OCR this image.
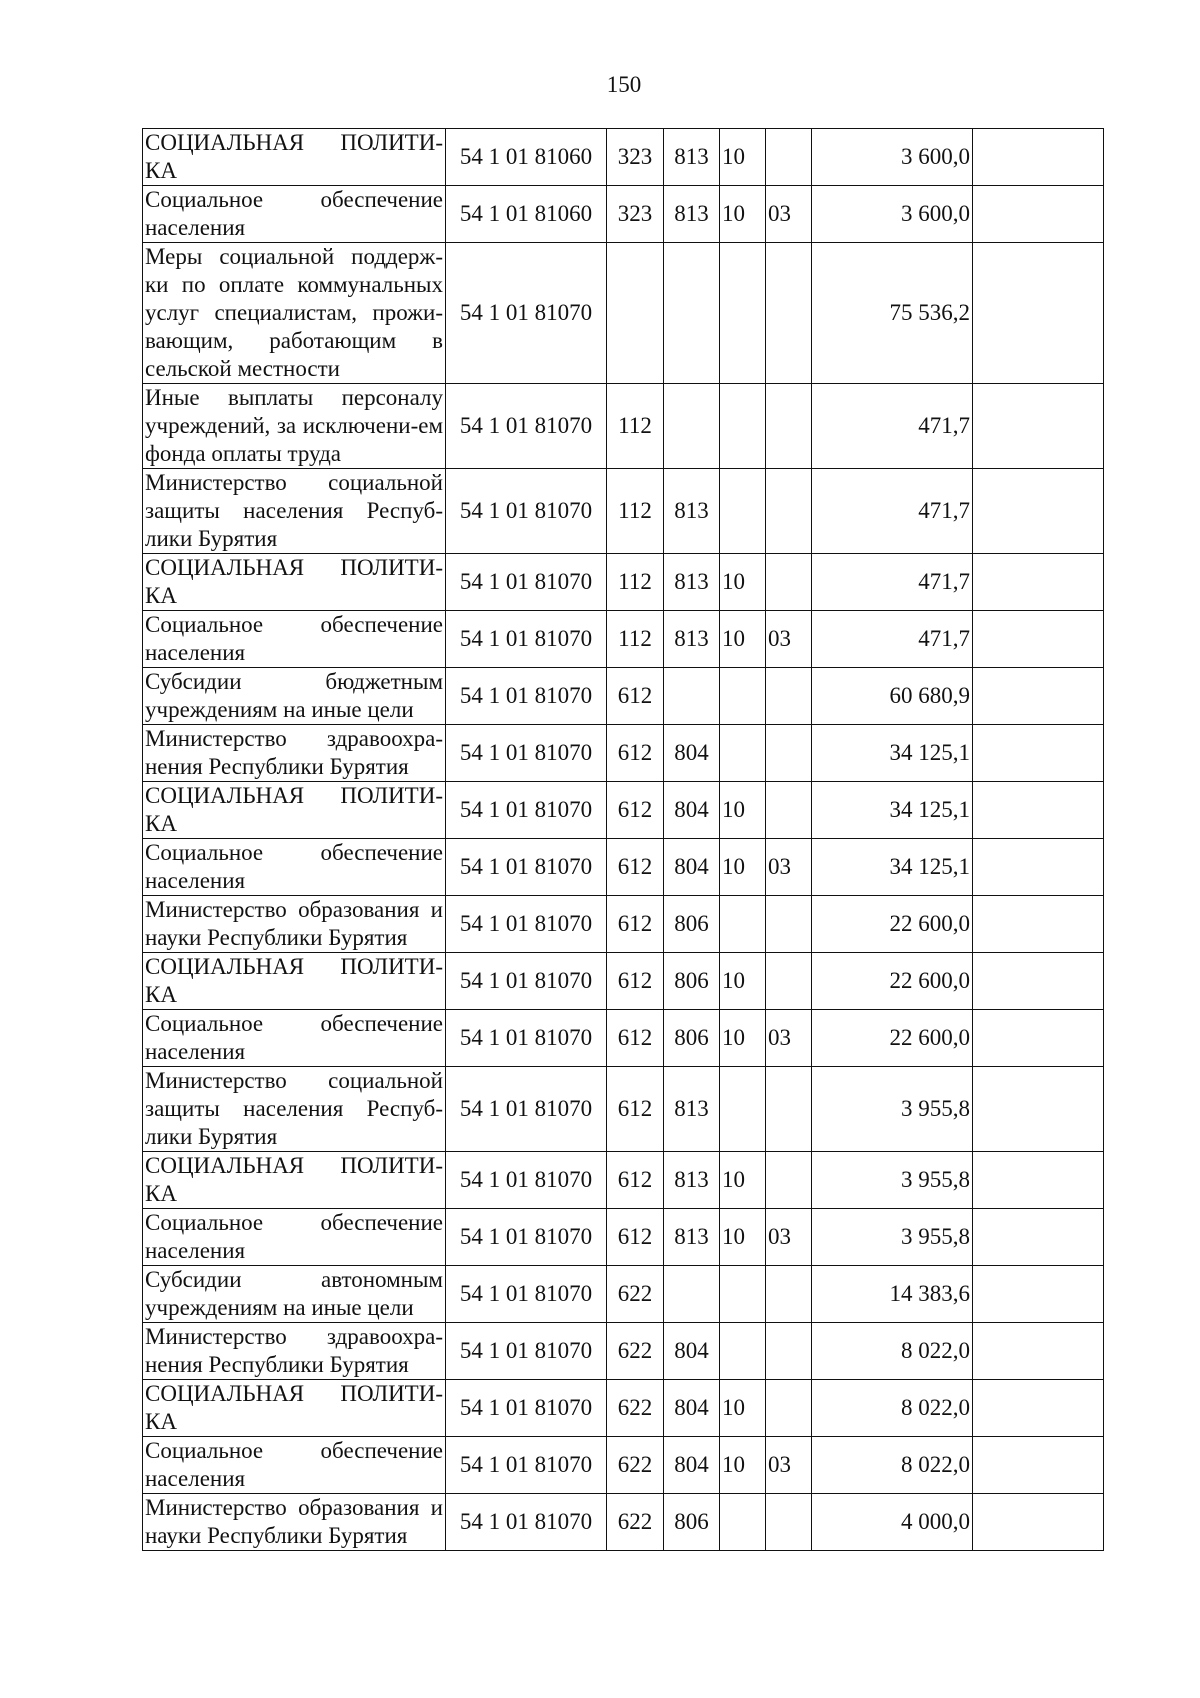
150
СОЦИАЛЬНАЯ ПОЛИТИ-КА	54 1 01 81060	323	813	10		3 600,0	
Социальное обеспечение населения	54 1 01 81060	323	813	10	03	3 600,0	
Меры социальной поддерж-ки по оплате коммунальных услуг специалистам, прожи-вающим, работающим в сельской местности	54 1 01 81070					75 536,2	
Иные выплаты персоналу учреждений, за исключени-ем фонда оплаты труда	54 1 01 81070	112				471,7	
Министерство социальной защиты населения Респуб-лики Бурятия	54 1 01 81070	112	813			471,7	
СОЦИАЛЬНАЯ ПОЛИТИ-КА	54 1 01 81070	112	813	10		471,7	
Социальное обеспечение населения	54 1 01 81070	112	813	10	03	471,7	
Субсидии бюджетным учреждениям на иные цели	54 1 01 81070	612				60 680,9	
Министерство здравоохра-нения Республики Бурятия	54 1 01 81070	612	804			34 125,1	
СОЦИАЛЬНАЯ ПОЛИТИ-КА	54 1 01 81070	612	804	10		34 125,1	
Социальное обеспечение населения	54 1 01 81070	612	804	10	03	34 125,1	
Министерство образования и науки Республики Бурятия	54 1 01 81070	612	806			22 600,0	
СОЦИАЛЬНАЯ ПОЛИТИ-КА	54 1 01 81070	612	806	10		22 600,0	
Социальное обеспечение населения	54 1 01 81070	612	806	10	03	22 600,0	
Министерство социальной защиты населения Респуб-лики Бурятия	54 1 01 81070	612	813			3 955,8	
СОЦИАЛЬНАЯ ПОЛИТИ-КА	54 1 01 81070	612	813	10		3 955,8	
Социальное обеспечение населения	54 1 01 81070	612	813	10	03	3 955,8	
Субсидии автономным учреждениям на иные цели	54 1 01 81070	622				14 383,6	
Министерство здравоохра-нения Республики Бурятия	54 1 01 81070	622	804			8 022,0	
СОЦИАЛЬНАЯ ПОЛИТИ-КА	54 1 01 81070	622	804	10		8 022,0	
Социальное обеспечение населения	54 1 01 81070	622	804	10	03	8 022,0	
Министерство образования и науки Республики Бурятия	54 1 01 81070	622	806			4 000,0	
